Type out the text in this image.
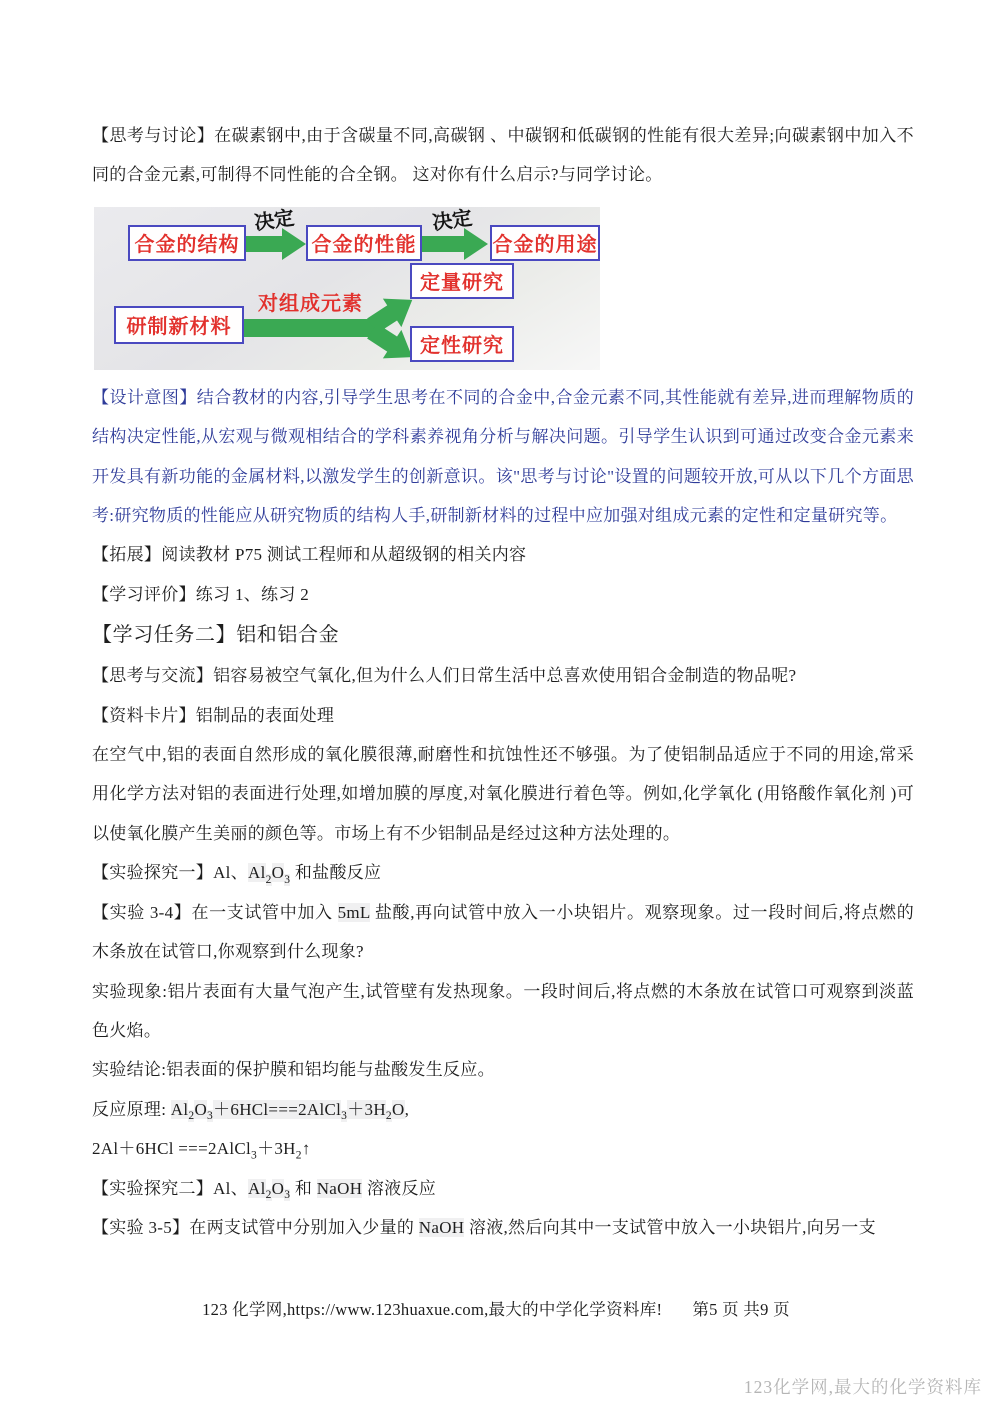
【思考与讨论】在碳素钢中,由于含碳量不同,高碳钢 、中碳钢和低碳钢的性能有很大差异;向碳素钢中加入不同的合金元素,可制得不同性能的合全钢。 这对你有什么启示?与同学讨论。

合金的结构	合金的性能	合金的用途
决定	决定
研制新材料
对组成元素
定量研究
定性研究

【设计意图】结合教材的内容,引导学生思考在不同的合金中,合金元素不同,其性能就有差异,进而理解物质的结构决定性能,从宏观与微观相结合的学科素养视角分析与解决问题。引导学生认识到可通过改变合金元素来开发具有新功能的金属材料,以激发学生的创新意识。该"思考与讨论"设置的问题较开放,可从以下几个方面思考:研究物质的性能应从研究物质的结构人手,研制新材料的过程中应加强对组成元素的定性和定量研究等。

【拓展】阅读教材 P75 测试工程师和从超级钢的相关内容

【学习评价】练习 1、练习 2

【学习任务二】铝和铝合金

【思考与交流】铝容易被空气氧化,但为什么人们日常生活中总喜欢使用铝合金制造的物品呢?

【资料卡片】铝制品的表面处理

在空气中,铝的表面自然形成的氧化膜很薄,耐磨性和抗蚀性还不够强。为了使铝制品适应于不同的用途,常采用化学方法对铝的表面进行处理,如增加膜的厚度,对氧化膜进行着色等。例如,化学氧化 (用铬酸作氧化剂 )可以使氧化膜产生美丽的颜色等。市场上有不少铝制品是经过这种方法处理的。

【实验探究一】Al、$Al_2O_3$ 和盐酸反应

【实验 3-4】在一支试管中加入 5mL 盐酸,再向试管中放入一小块铝片。观察现象。过一段时间后,将点燃的木条放在试管口,你观察到什么现象?

实验现象:铝片表面有大量气泡产生,试管壁有发热现象。一段时间后,将点燃的木条放在试管口可观察到淡蓝色火焰。

实验结论:铝表面的保护膜和铝均能与盐酸发生反应。

反应原理: $Al_2O_3+6HCl===2AlCl_3+3H_2O$,

$2Al+6HCl ===2AlCl_3+3H_2↑$

【实验探究二】Al、$Al_2O_3$ 和 NaOH 溶液反应

【实验 3-5】在两支试管中分别加入少量的 NaOH 溶液,然后向其中一支试管中放入一小块铝片,向另一支

123 化学网,https://www.123huaxue.com,最大的中学化学资料库! 第5 页 共9 页
123化学网,最大的化学资料库
